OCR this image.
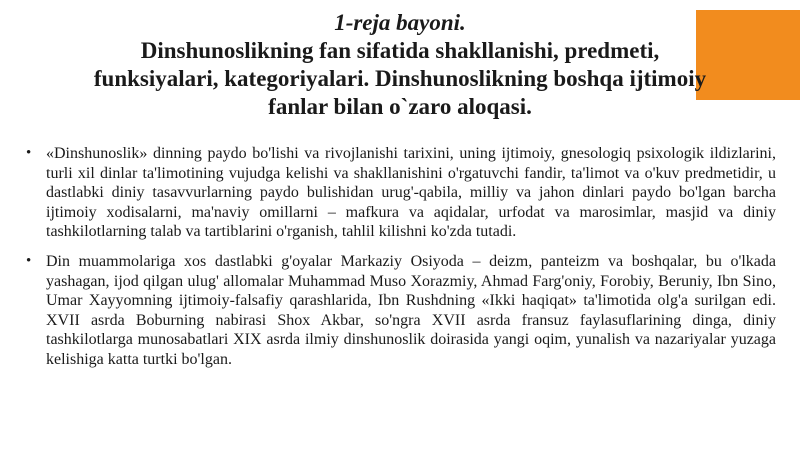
1-reja bayoni.
Dinshunoslikning fan sifatida shakllanishi, predmeti, funksiyalari, kategoriyalari. Dinshunoslikning boshqa ijtimoiy fanlar bilan o`zaro aloqasi.
• «Dinshunoslik» dinning paydo bo'lishi va rivojlanishi tarixini, uning ijtimoiy, gnesologiq psixologik ildizlarini, turli xil dinlar ta'limotining vujudga kelishi va shakllanishini o'rgatuvchi fandir, ta'limot va o'kuv predmetidir, u dastlabki diniy tasavvurlarning paydo bulishidan urug'-qabila, milliy va jahon dinlari paydo bo'lgan barcha ijtimoiy xodisalarni, ma'naviy omillarni – mafkura va aqidalar, urfodat va marosimlar, masjid va diniy tashkilotlarning talab va tartiblarini o'rganish, tahlil kilishni ko'zda tutadi.
• Din muammolariga xos dastlabki g'oyalar Markaziy Osiyoda – deizm, panteizm va boshqalar, bu o'lkada yashagan, ijod qilgan ulug' allomalar Muhammad Muso Xorazmiy, Ahmad Farg'oniy, Forobiy, Beruniy, Ibn Sino, Umar Xayyomning ijtimoiy-falsafiy qarashlarida, Ibn Rushdning «Ikki haqiqat» ta'limotida olg'a surilgan edi. XVII asrda Boburning nabirasi Shox Akbar, so'ngra XVII asrda fransuz faylasuflarining dinga, diniy tashkilotlarga munosabatlari XIX asrda ilmiy dinshunoslik doirasida yangi oqim, yunalish va nazariyalar yuzaga kelishiga katta turtki bo'lgan.
